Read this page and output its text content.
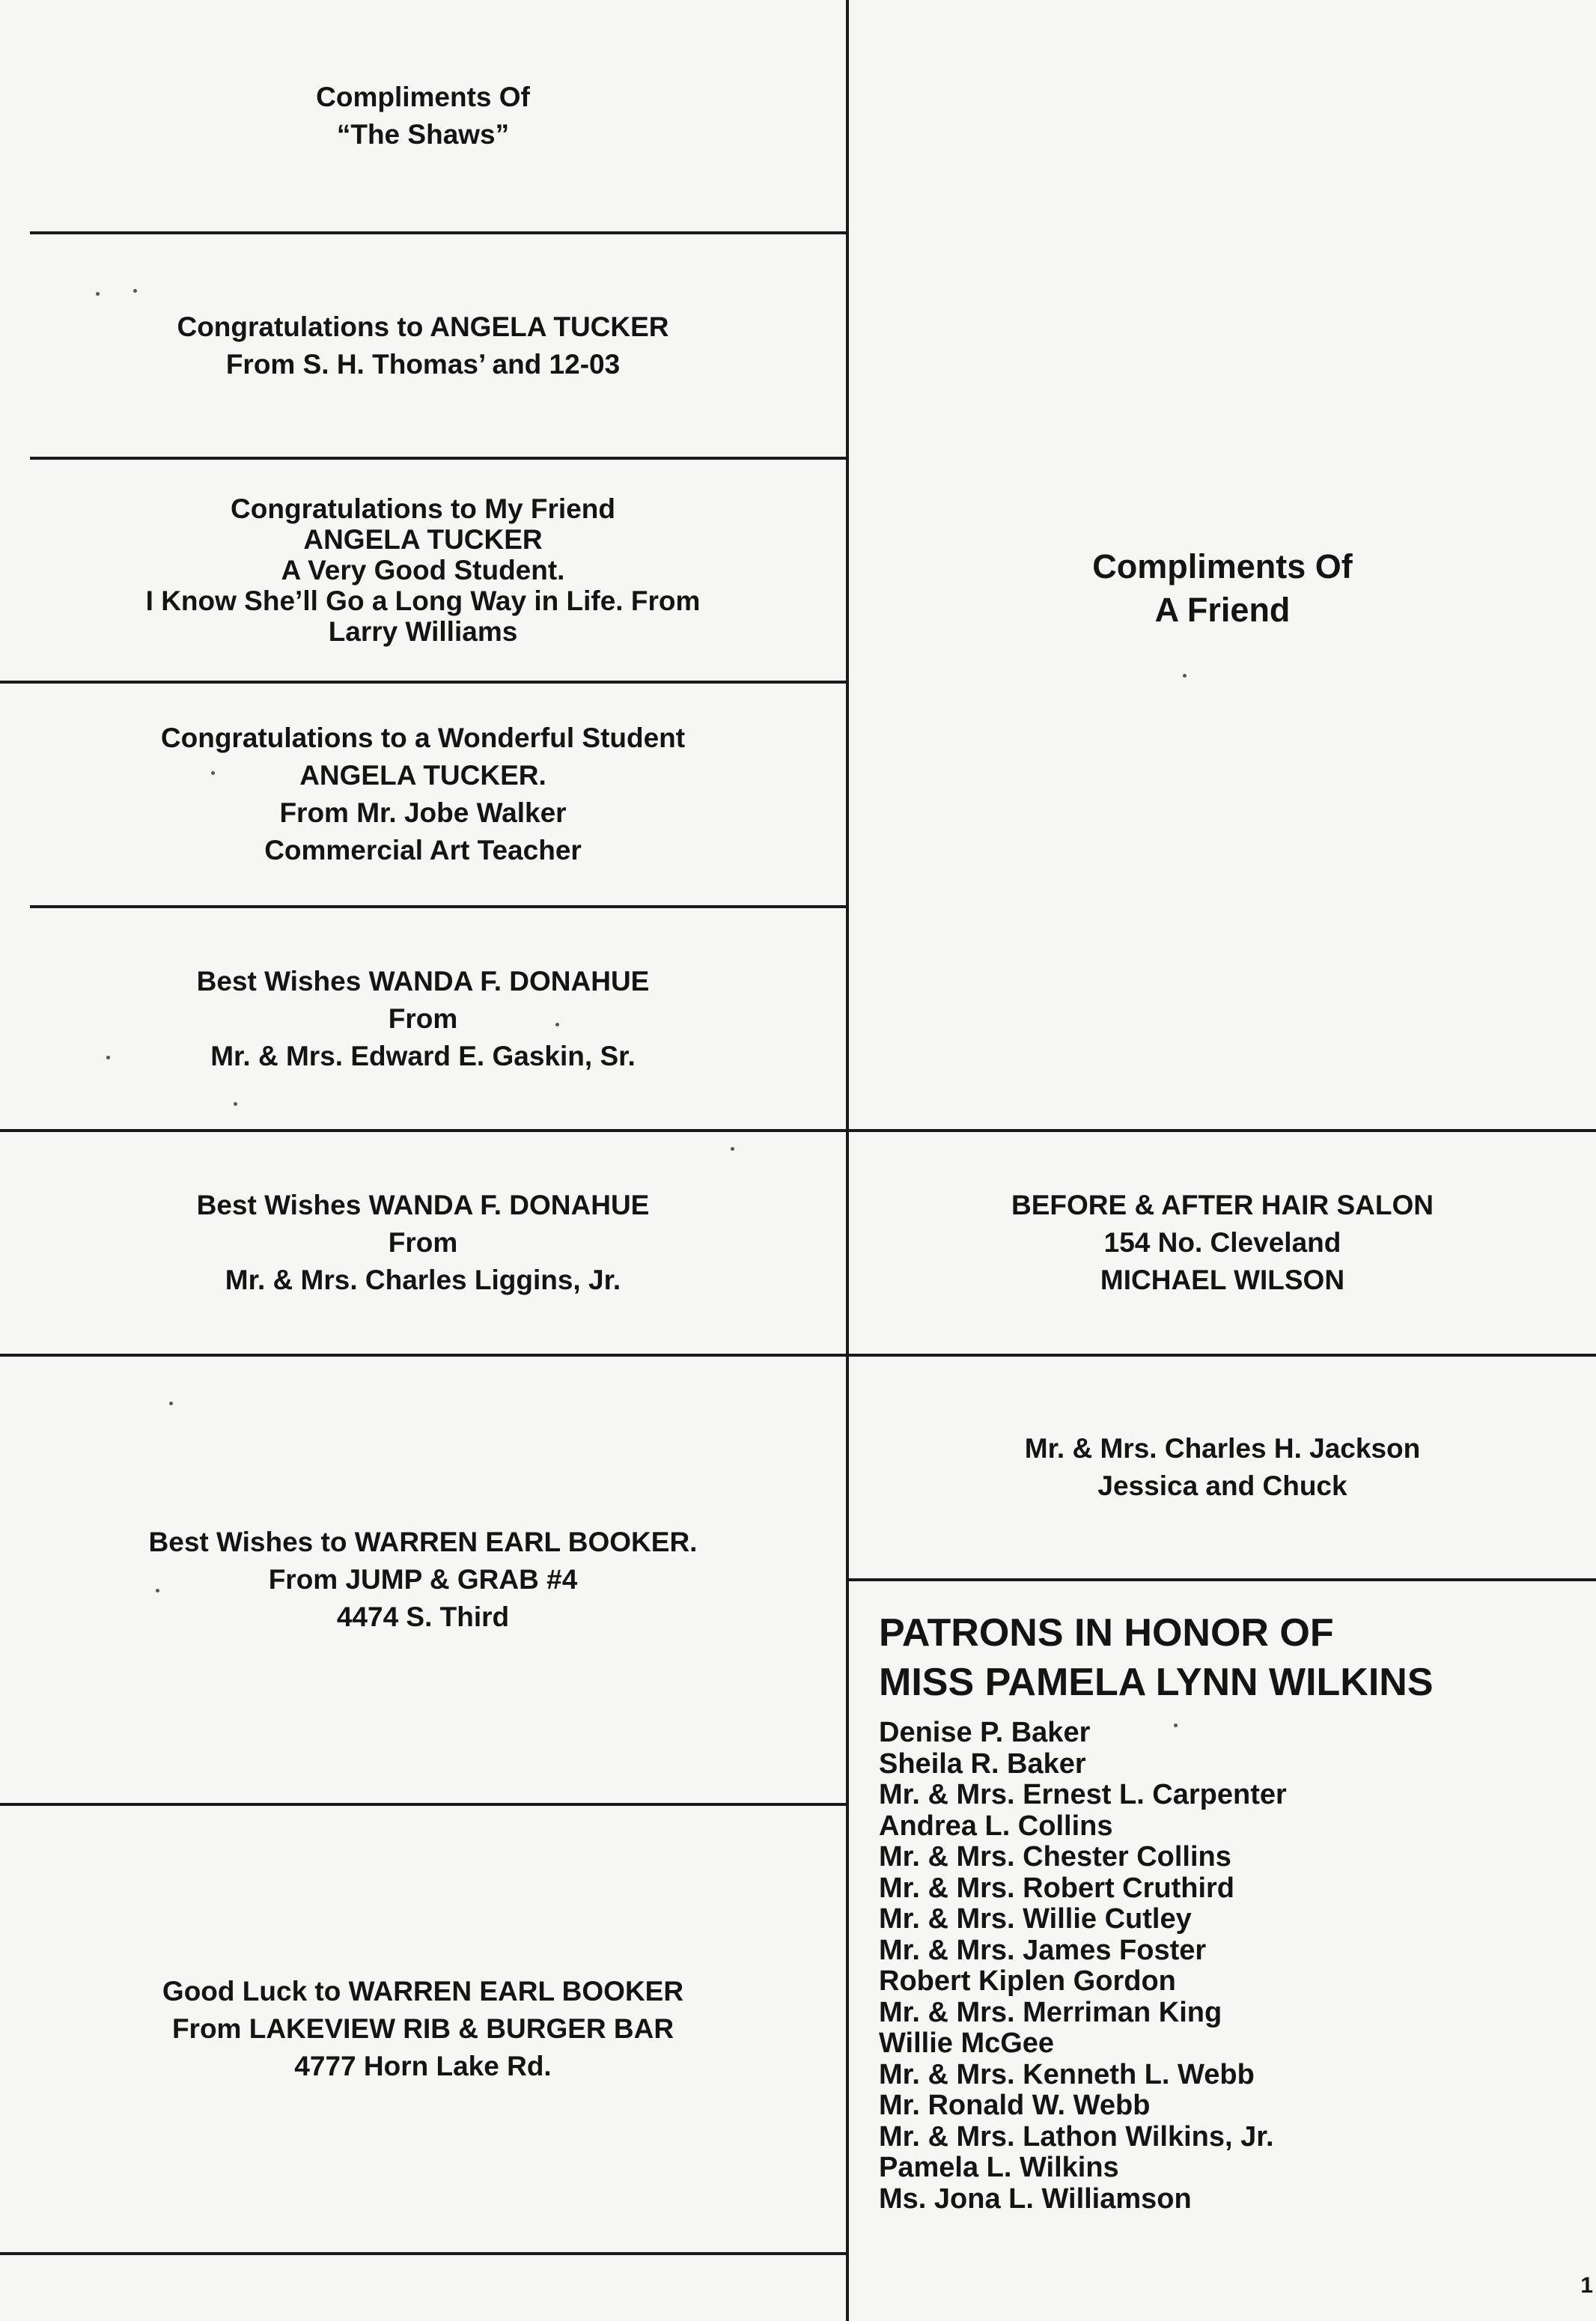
Compliments Of
“The Shaws”
Congratulations to ANGELA TUCKER
From S. H. Thomas’ and 12-03
Congratulations to My Friend
ANGELA TUCKER
A Very Good Student.
I Know She’ll Go a Long Way in Life. From
Larry Williams
Congratulations to a Wonderful Student
ANGELA TUCKER.
From Mr. Jobe Walker
Commercial Art Teacher
Best Wishes WANDA F. DONAHUE
From
Mr. & Mrs. Edward E. Gaskin, Sr.
Best Wishes WANDA F. DONAHUE
From
Mr. & Mrs. Charles Liggins, Jr.
Best Wishes to WARREN EARL BOOKER.
From JUMP & GRAB #4
4474 S. Third
Good Luck to WARREN EARL BOOKER
From LAKEVIEW RIB & BURGER BAR
4777 Horn Lake Rd.
Compliments Of
A Friend
BEFORE & AFTER HAIR SALON
154 No. Cleveland
MICHAEL WILSON
Mr. & Mrs. Charles H. Jackson
Jessica and Chuck
PATRONS IN HONOR OF
MISS PAMELA LYNN WILKINS
Denise P. Baker
Sheila R. Baker
Mr. & Mrs. Ernest L. Carpenter
Andrea L. Collins
Mr. & Mrs. Chester Collins
Mr. & Mrs. Robert Cruthird
Mr. & Mrs. Willie Cutley
Mr. & Mrs. James Foster
Robert Kiplen Gordon
Mr. & Mrs. Merriman King
Willie McGee
Mr. & Mrs. Kenneth L. Webb
Mr. Ronald W. Webb
Mr. & Mrs. Lathon Wilkins, Jr.
Pamela L. Wilkins
Ms. Jona L. Williamson
1
